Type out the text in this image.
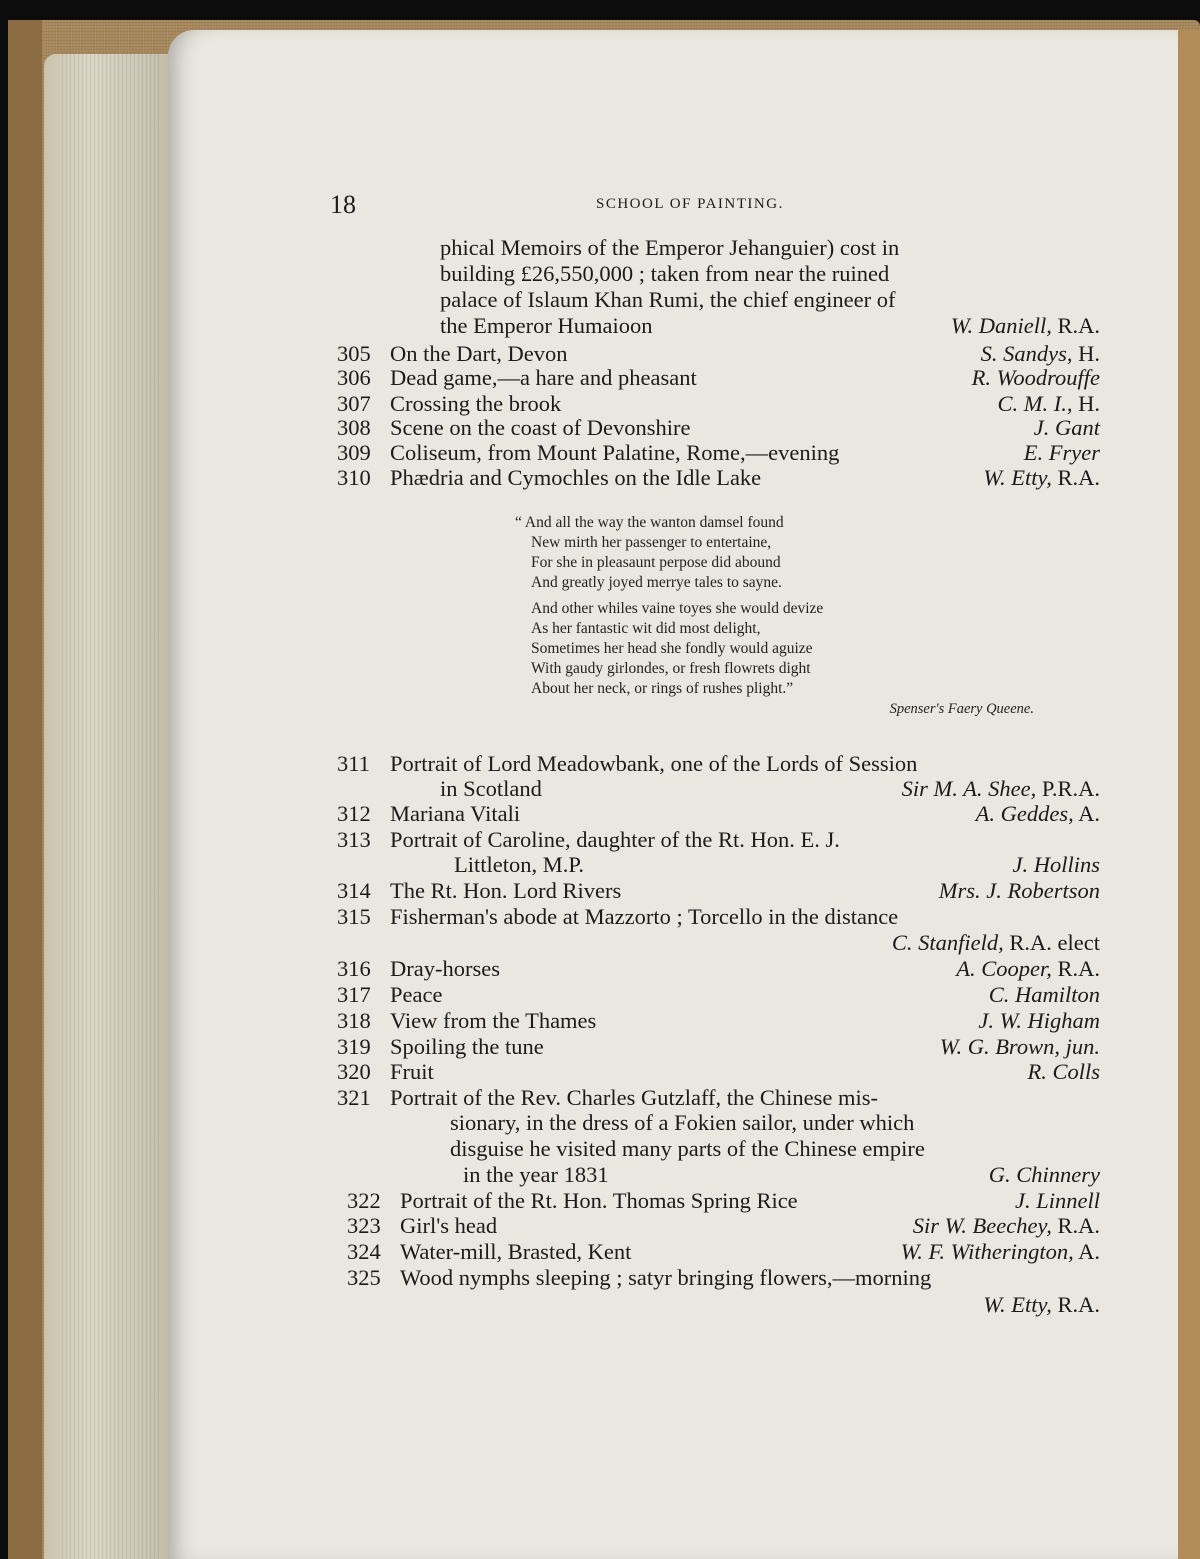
18	SCHOOL OF PAINTING.
phical Memoirs of the Emperor Jehanguier) cost in
building £26,550,000 ; taken from near the ruined
palace of Islaum Khan Rumi, the chief engineer of
the Emperor Humaioon	W. Daniell, R.A.
305 On the Dart, Devon	S. Sandys, H.
306 Dead game,—a hare and pheasant	R. Woodrouffe
307 Crossing the brook	C. M. I., H.
308 Scene on the coast of Devonshire	J. Gant
309 Coliseum, from Mount Palatine, Rome,—evening	E. Fryer
310 Phædria and Cymochles on the Idle Lake	W. Etty, R.A.
“ And all the way the wanton damsel found
New mirth her passenger to entertaine,
For she in pleasaunt perpose did abound
And greatly joyed merrye tales to sayne.
And other whiles vaine toyes she would devize
As her fantastic wit did most delight,
Sometimes her head she fondly would aguize
With gaudy girlondes, or fresh flowrets dight
About her neck, or rings of rushes plight.”
Spenser's Faery Queene.
311 Portrait of Lord Meadowbank, one of the Lords of Session
in Scotland	Sir M. A. Shee, P.R.A.
312 Mariana Vitali	A. Geddes, A.
313 Portrait of Caroline, daughter of the Rt. Hon. E. J.
Littleton, M.P.	J. Hollins
314 The Rt. Hon. Lord Rivers	Mrs. J. Robertson
315 Fisherman's abode at Mazzorto ; Torcello in the distance
C. Stanfield, R.A. elect
316 Dray-horses	A. Cooper, R.A.
317 Peace	C. Hamilton
318 View from the Thames	J. W. Higham
319 Spoiling the tune	W. G. Brown, jun.
320 Fruit	R. Colls
321 Portrait of the Rev. Charles Gutzlaff, the Chinese mis-
sionary, in the dress of a Fokien sailor, under which
disguise he visited many parts of the Chinese empire
in the year 1831	G. Chinnery
322 Portrait of the Rt. Hon. Thomas Spring Rice	J. Linnell
323 Girl's head	Sir W. Beechey, R.A.
324 Water-mill, Brasted, Kent	W. F. Witherington, A.
325 Wood nymphs sleeping ; satyr bringing flowers,—morning
W. Etty, R.A.
